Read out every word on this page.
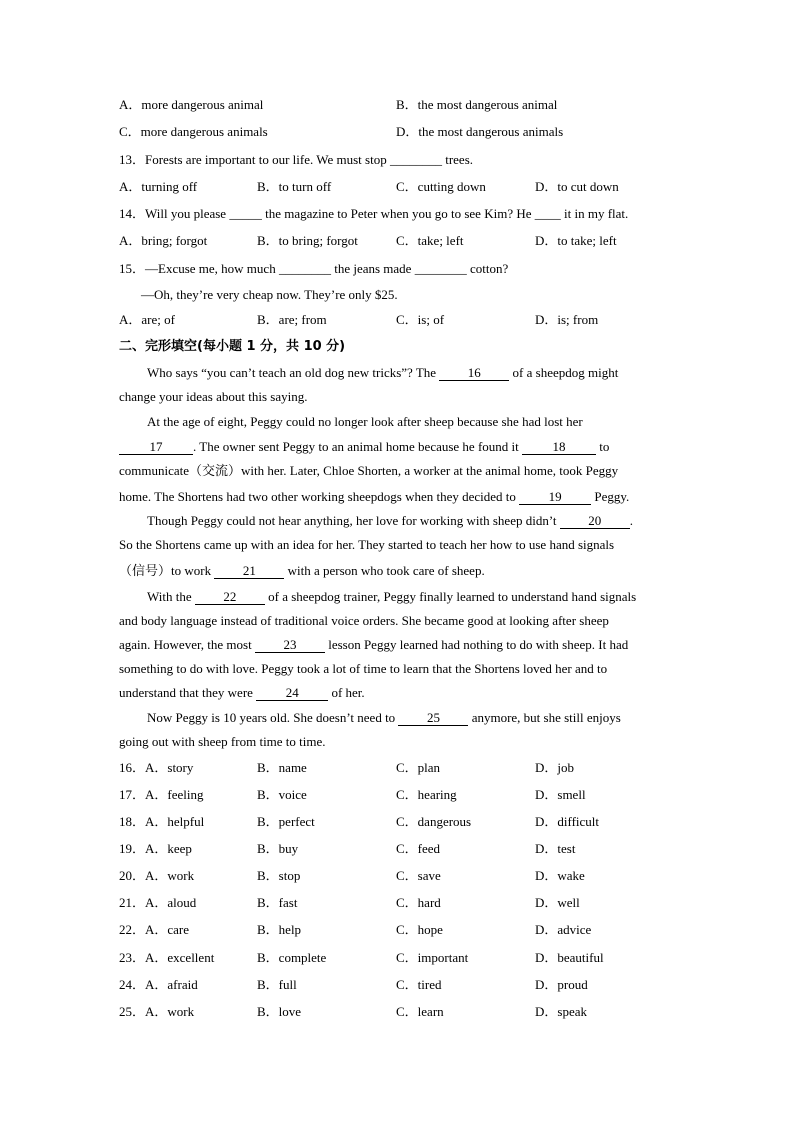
A．more dangerous animal	B．the most dangerous animal
C．more dangerous animals	D．the most dangerous animals
13．Forests are important to our life. We must stop ________ trees.
A．turning off	B．to turn off	C．cutting down	D．to cut down
14．Will you please _____ the magazine to Peter when you go to see Kim? He ____ it in my flat.
A．bring; forgot	B．to bring; forgot	C．take; left	D．to take; left
15．—Excuse me, how much ________ the jeans made ________ cotton?
—Oh, they’re very cheap now. They’re only $25.
A．are; of	B．are; from	C．is; of	D．is; from
二、完形填空(每小题 1 分，共 10 分)
Who says “you can’t teach an old dog new tricks”? The 16 of a sheepdog might
change your ideas about this saying.
At the age of eight, Peggy could no longer look after sheep because she had lost her
17 . The owner sent Peggy to an animal home because he found it 18 to
communicate（交流）with her. Later, Chloe Shorten, a worker at the animal home, took Peggy
home. The Shortens had two other working sheepdogs when they decided to 19 Peggy.
Though Peggy could not hear anything, her love for working with sheep didn’t 20 .
So the Shortens came up with an idea for her. They started to teach her how to use hand signals
（信号）to work 21 with a person who took care of sheep.
With the 22 of a sheepdog trainer, Peggy finally learned to understand hand signals
and body language instead of traditional voice orders. She became good at looking after sheep
again. However, the most 23 lesson Peggy learned had nothing to do with sheep. It had
something to do with love. Peggy took a lot of time to learn that the Shortens loved her and to
understand that they were 24 of her.
Now Peggy is 10 years old. She doesn’t need to 25 anymore, but she still enjoys
going out with sheep from time to time.
16．A．story	B．name	C．plan	D．job
17．A．feeling	B．voice	C．hearing	D．smell
18．A．helpful	B．perfect	C．dangerous	D．difficult
19．A．keep	B．buy	C．feed	D．test
20．A．work	B．stop	C．save	D．wake
21．A．aloud	B．fast	C．hard	D．well
22．A．care	B．help	C．hope	D．advice
23．A．excellent	B．complete	C．important	D．beautiful
24．A．afraid	B．full	C．tired	D．proud
25．A．work	B．love	C．learn	D．speak
